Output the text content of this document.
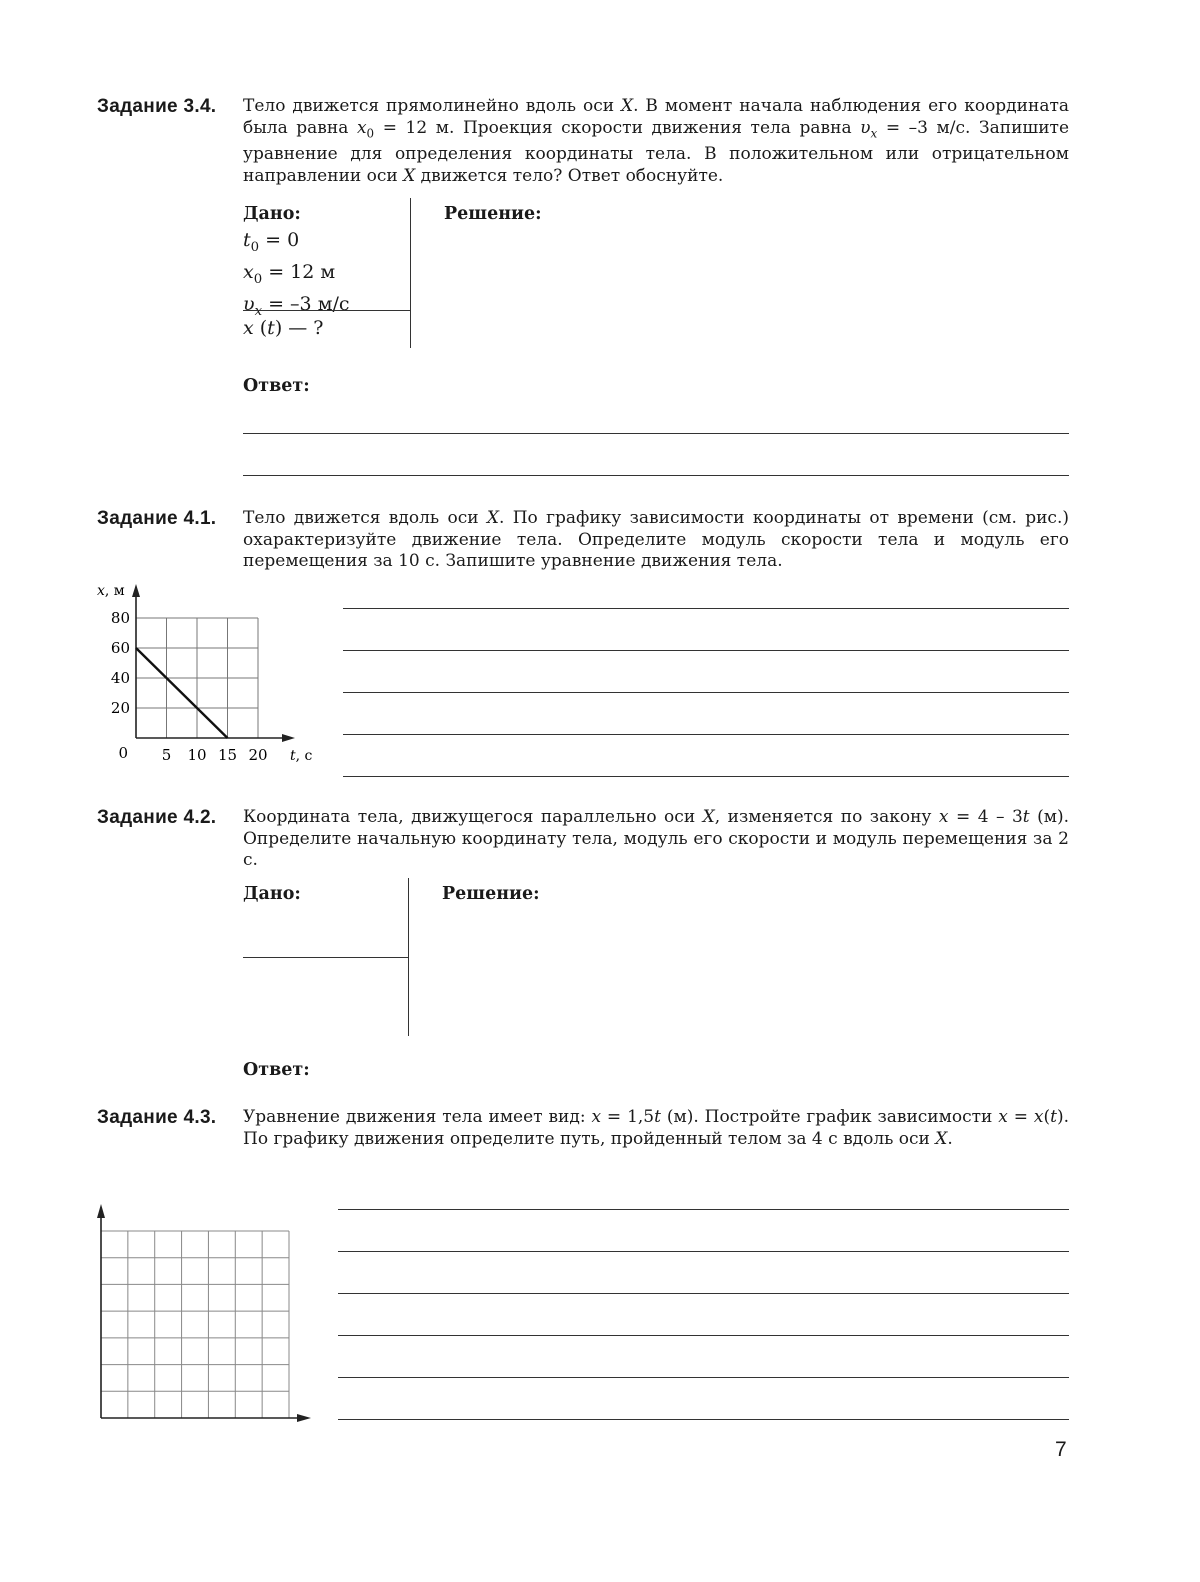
Задание 3.4. Тело движется прямолинейно вдоль оси X. В момент начала наблюдения его координата была равна $x_0 = 12$ м. Проекция скорости движения тела равна $\upsilon_x = -3$ м/с. Запишите уравнение для определения координаты тела. В положительном или отрицательном направлении оси X движется тело? Ответ обоснуйте.
Дано:
$t_0 = 0$
$x_0 = 12$ м
$\upsilon_x = -3$ м/с
x (t) — ?
Решение:
Ответ:
Задание 4.1. Тело движется вдоль оси X. По графику зависимости координаты от времени (см. рис.) охарактеризуйте движение тела. Определите модуль скорости тела и модуль его перемещения за 10 с. Запишите уравнение движения тела.
20
40
60
80
5 10 15 20
0
x, м
t, с
Задание 4.2. Координата тела, движущегося параллельно оси X, изменяется по закону x = 4 – 3t (м). Определите начальную координату тела, модуль его скорости и модуль перемещения за 2 с.
Дано:	Решение:
Ответ:
Задание 4.3. Уравнение движения тела имеет вид: x = 1,5t (м). Постройте график зависимости x = x(t). По графику движения определите путь, пройденный телом за 4 с вдоль оси X.
7
